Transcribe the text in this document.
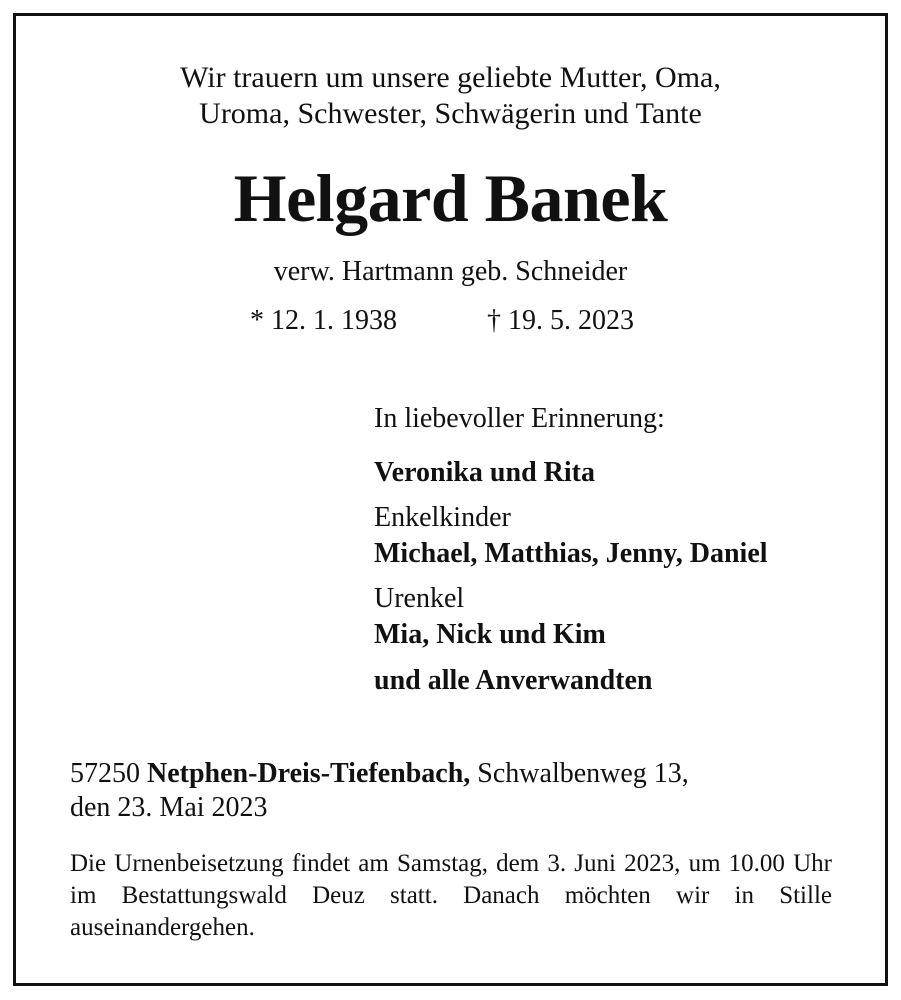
Wir trauern um unsere geliebte Mutter, Oma,
Uroma, Schwester, Schwägerin und Tante
Helgard Banek
verw. Hartmann geb. Schneider
* 12. 1. 1938	† 19. 5. 2023
In liebevoller Erinnerung:
Veronika und Rita
Enkelkinder
Michael, Matthias, Jenny, Daniel
Urenkel
Mia, Nick und Kim
und alle Anverwandten
57250 Netphen-Dreis-Tiefenbach, Schwalbenweg 13,
den 23. Mai 2023
Die Urnenbeisetzung findet am Samstag, dem 3. Juni 2023, um 10.00 Uhr im Bestattungswald Deuz statt. Danach möchten wir in Stille auseinandergehen.
